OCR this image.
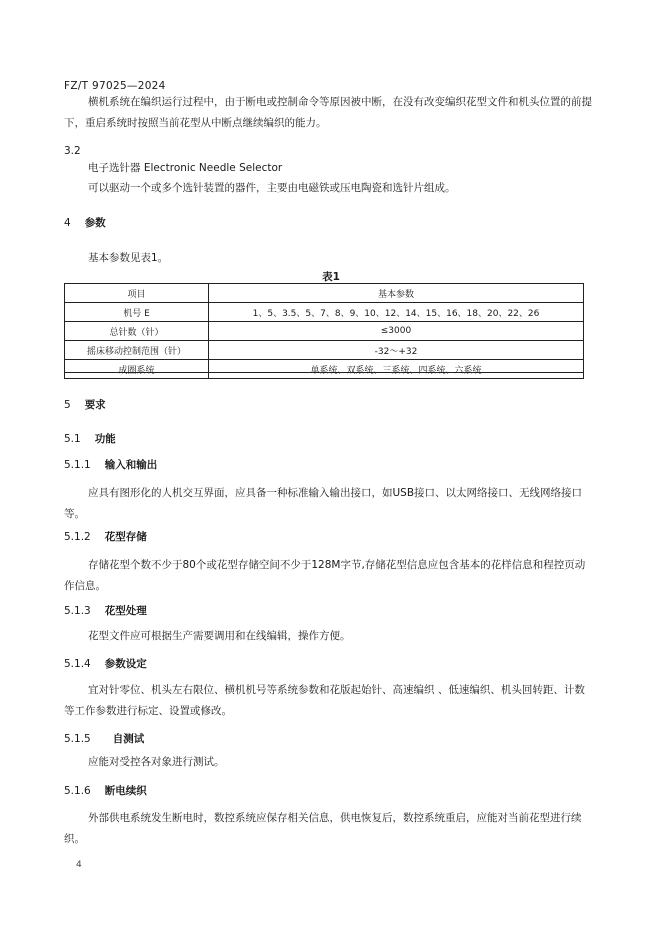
FZ/T 97025—2024
横机系统在编织运行过程中，由于断电或控制命令等原因被中断，在没有改变编织花型文件和机头位置的前提下，重启系统时按照当前花型从中断点继续编织的能力。
3.2
电子选针器 Electronic Needle Selector
可以驱动一个或多个选针装置的器件，主要由电磁铁或压电陶瓷和选针片组成。
4 参数
基本参数见表1。
表1
项目	基本参数
机号 E	1、5、3.5、5、7、8、9、10、12、14、15、16、18、20、22、26
总针数（针）	≤3000
摇床移动控制范围（针）	-32～+32
成圈系统	单系统、双系统、三系统、四系统、六系统
5 要求
5.1 功能
5.1.1 输入和输出
应具有图形化的人机交互界面，应具备一种标准输入输出接口，如USB接口、以太网络接口、无线网络接口等。
5.1.2 花型存储
存储花型个数不少于80个或花型存储空间不少于128M字节,存储花型信息应包含基本的花样信息和程控页动作信息。
5.1.3 花型处理
花型文件应可根据生产需要调用和在线编辑，操作方便。
5.1.4 参数设定
宜对针零位、机头左右限位、横机机号等系统参数和花版起始针、高速编织 、低速编织、机头回转距、计数等工作参数进行标定、设置或修改。
5.1.5 自测试
应能对受控各对象进行测试。
5.1.6 断电续织
外部供电系统发生断电时，数控系统应保存相关信息，供电恢复后，数控系统重启，应能对当前花型进行续织。
4
